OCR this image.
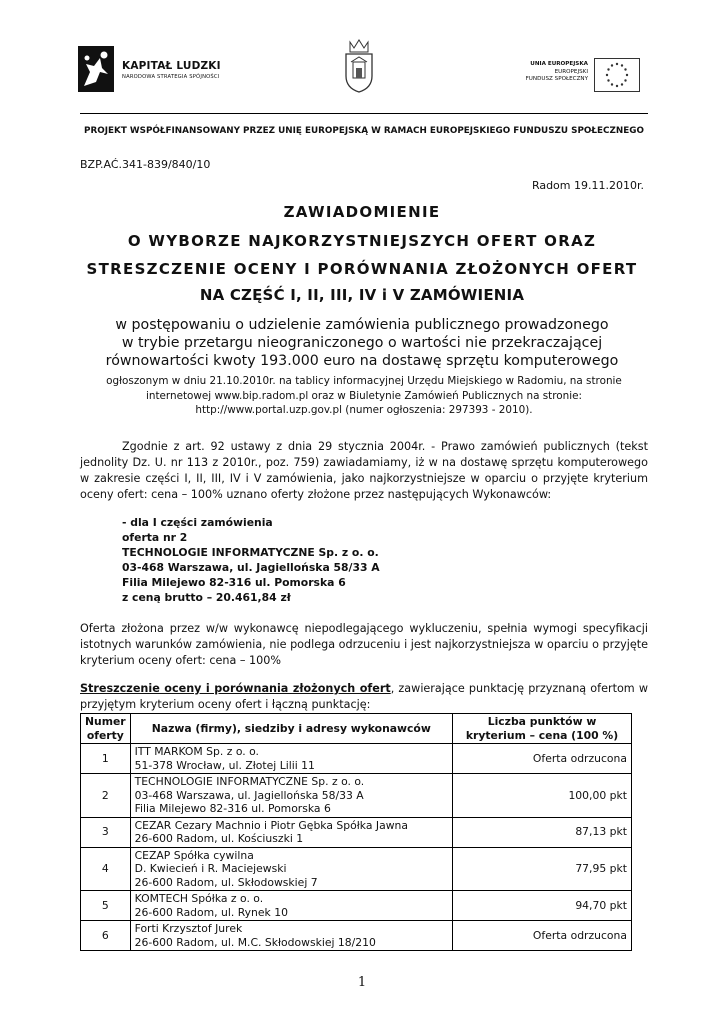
KAPITAŁ LUDZKI
NARODOWA STRATEGIA SPÓJNOŚCI
UNIA EUROPEJSKA
EUROPEJSKI
FUNDUSZ SPOŁECZNY
PROJEKT WSPÓŁFINANSOWANY PRZEZ UNIĘ EUROPEJSKĄ W RAMACH EUROPEJSKIEGO FUNDUSZU SPOŁECZNEGO
BZP.AĆ.341-839/840/10
Radom 19.11.2010r.
ZAWIADOMIENIE
O WYBORZE NAJKORZYSTNIEJSZYCH OFERT ORAZ
STRESZCZENIE OCENY I PORÓWNANIA ZŁOŻONYCH OFERT
NA CZĘŚĆ I, II, III, IV i V ZAMÓWIENIA
w postępowaniu o udzielenie zamówienia publicznego prowadzonego
w trybie przetargu nieograniczonego o wartości nie przekraczającej
równowartości kwoty 193.000 euro na dostawę sprzętu komputerowego
ogłoszonym w dniu 21.10.2010r. na tablicy informacyjnej Urzędu Miejskiego w Radomiu, na stronie
internetowej www.bip.radom.pl oraz w Biuletynie Zamówień Publicznych na stronie:
http://www.portal.uzp.gov.pl (numer ogłoszenia: 297393 - 2010).
Zgodnie z art. 92 ustawy z dnia 29 stycznia 2004r. - Prawo zamówień publicznych (tekst jednolity Dz. U. nr 113 z 2010r., poz. 759) zawiadamiamy, iż w na dostawę sprzętu komputerowego w zakresie części I, II, III, IV i V zamówienia, jako najkorzystniejsze w oparciu o przyjęte kryterium oceny ofert: cena – 100% uznano oferty złożone przez następujących Wykonawców:
- dla I części zamówienia
oferta nr 2
TECHNOLOGIE INFORMATYCZNE Sp. z o. o.
03-468 Warszawa, ul. Jagiellońska 58/33 A
Filia Milejewo 82-316 ul. Pomorska 6
z ceną brutto – 20.461,84 zł
Oferta złożona przez w/w wykonawcę niepodlegającego wykluczeniu, spełnia wymogi specyfikacji istotnych warunków zamówienia, nie podlega odrzuceniu i jest najkorzystniejsza w oparciu o przyjęte kryterium oceny ofert: cena – 100%
Streszczenie oceny i porównania złożonych ofert, zawierające punktację przyznaną ofertom w przyjętym kryterium oceny ofert i łączną punktację:
Numer oferty	Nazwa (firmy), siedziby i adresy wykonawców	Liczba punktów w kryterium – cena (100 %)
1	ITT MARKOM Sp. z o. o.
51-378 Wrocław, ul. Złotej Lilii 11	Oferta odrzucona
2	TECHNOLOGIE INFORMATYCZNE Sp. z o. o.
03-468 Warszawa, ul. Jagiellońska 58/33 A
Filia Milejewo 82-316 ul. Pomorska 6	100,00 pkt
3	CEZAR Cezary Machnio i Piotr Gębka Spółka Jawna
26-600 Radom, ul. Kościuszki 1	87,13 pkt
4	CEZAP Spółka cywilna
D. Kwiecień i R. Maciejewski
26-600 Radom, ul. Skłodowskiej 7	77,95 pkt
5	KOMTECH Spółka z o. o.
26-600 Radom, ul. Rynek 10	94,70 pkt
6	Forti Krzysztof Jurek
26-600 Radom, ul. M.C. Skłodowskiej 18/210	Oferta odrzucona
1
